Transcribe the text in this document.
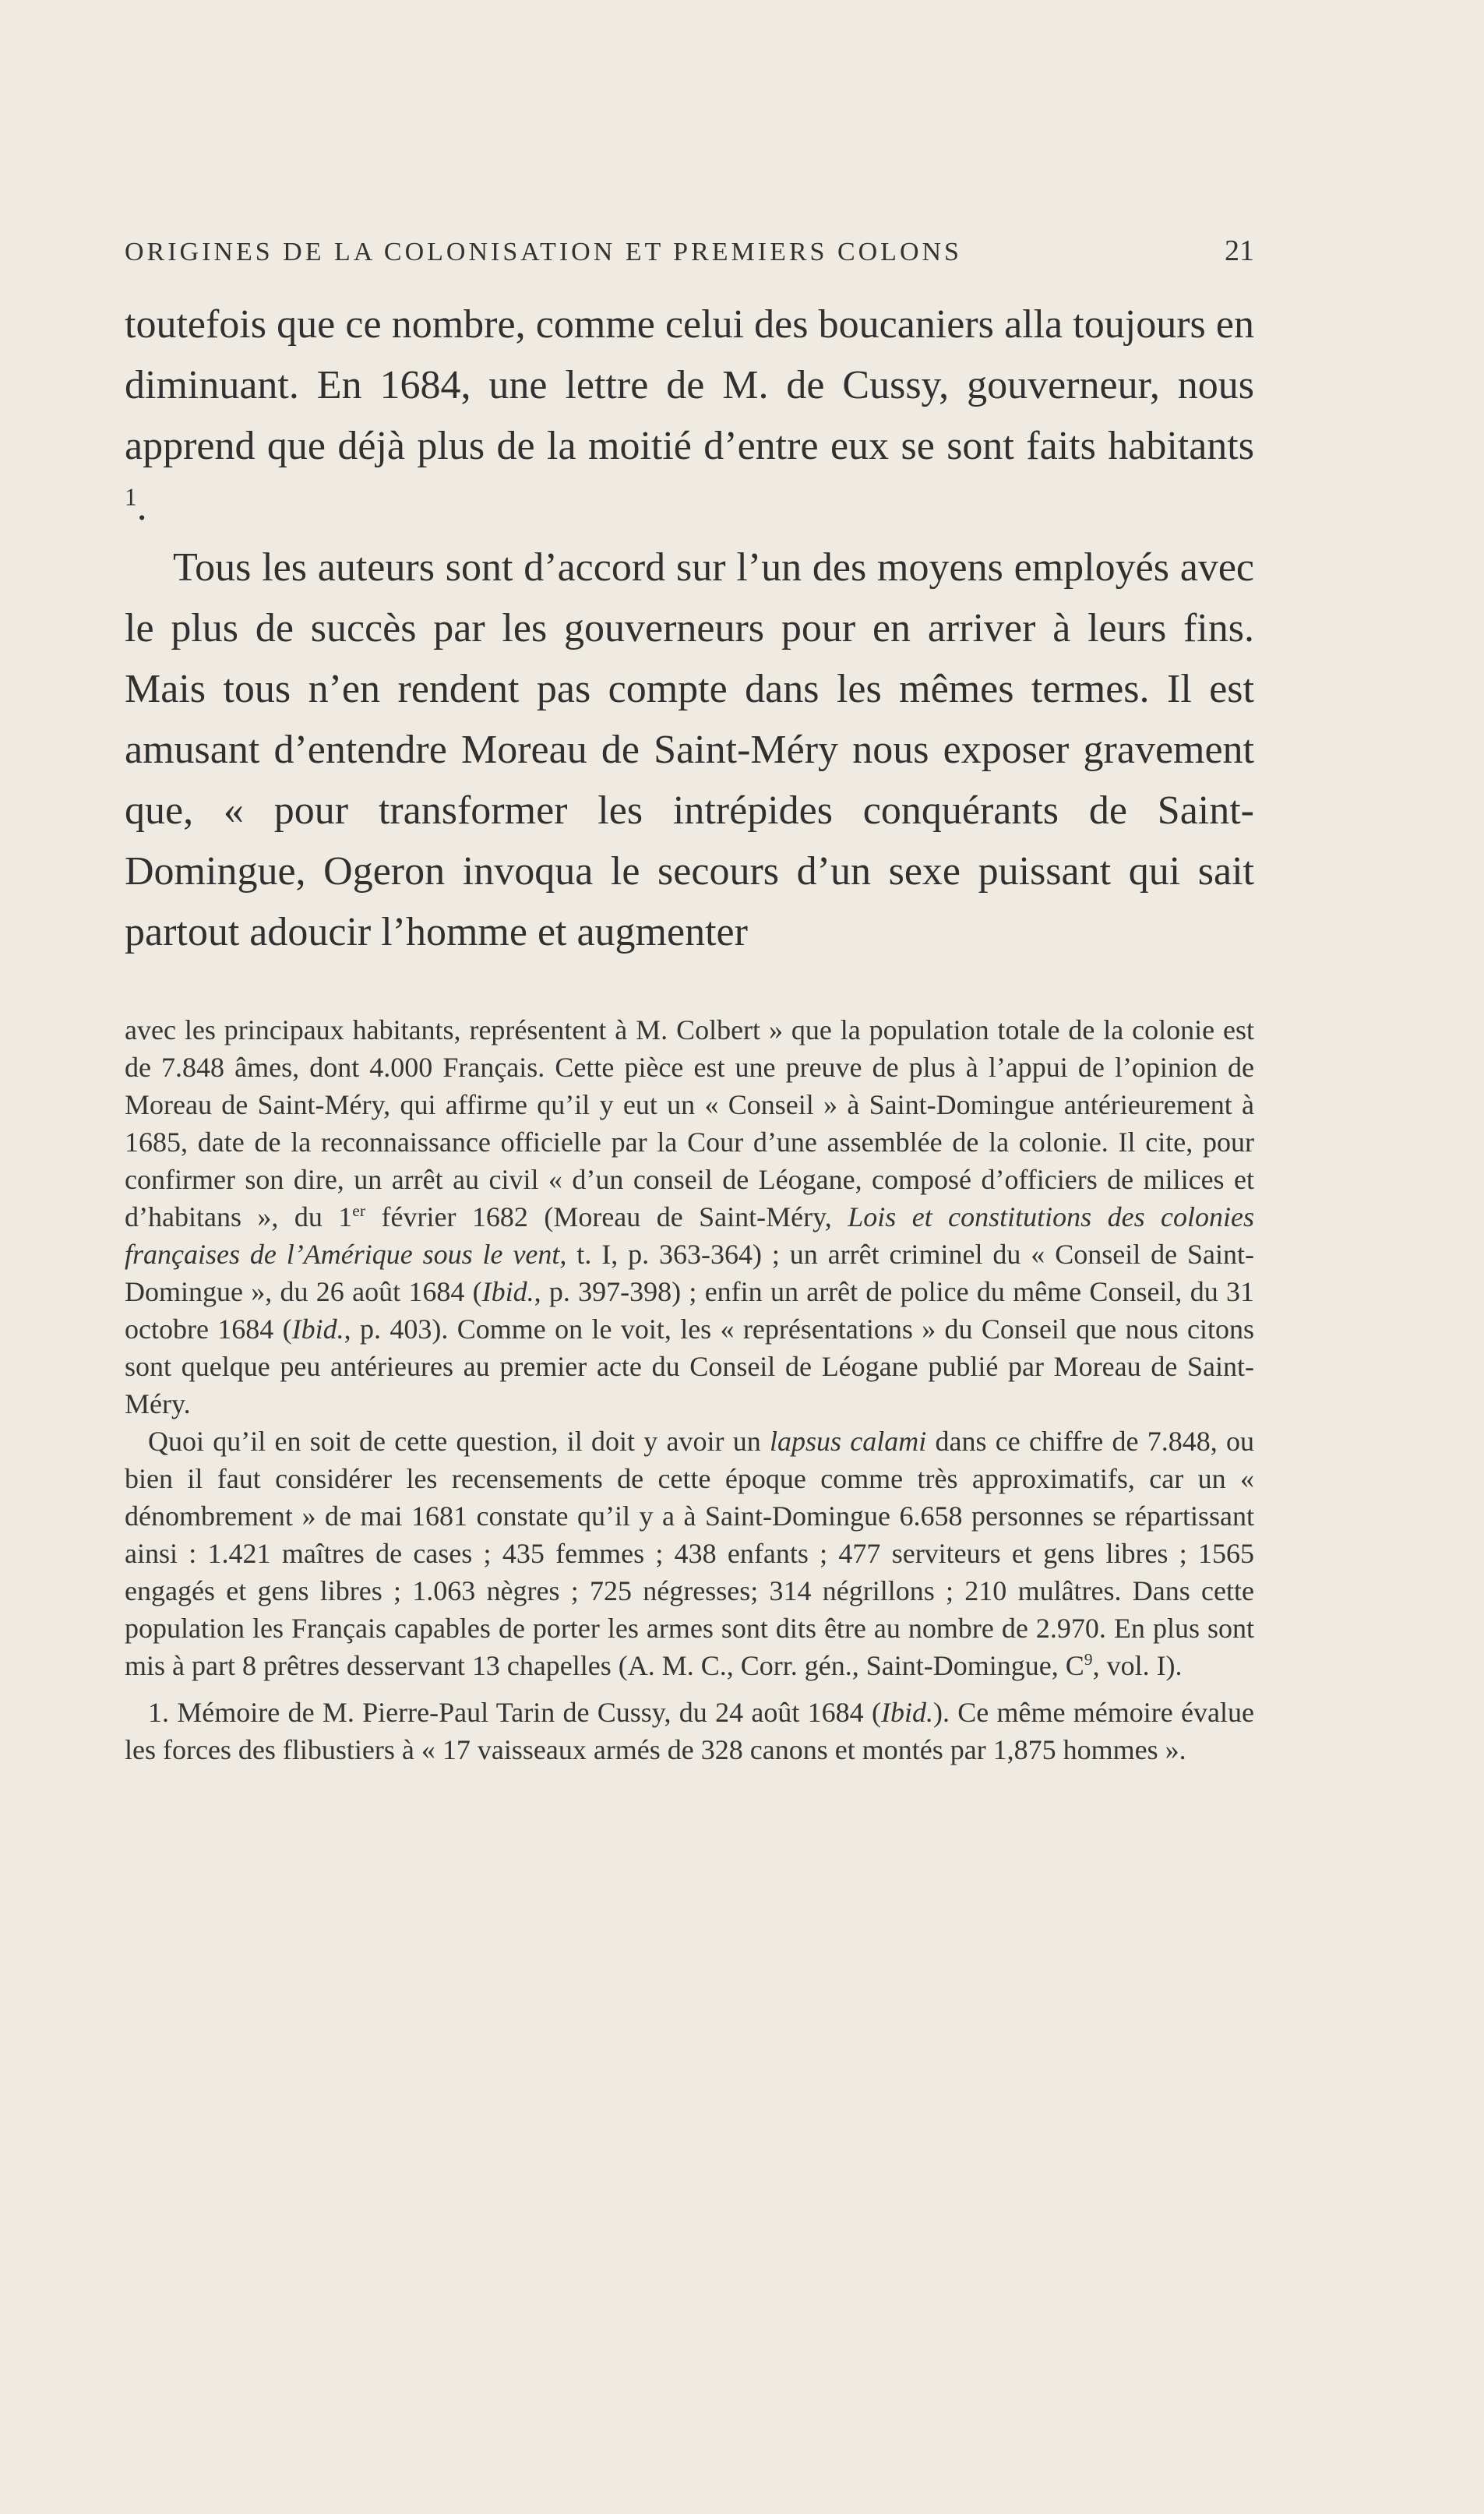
ORIGINES DE LA COLONISATION ET PREMIERS COLONS	21

toutefois que ce nombre, comme celui des boucaniers alla toujours en diminuant. En 1684, une lettre de M. de Cussy, gouverneur, nous apprend que déjà plus de la moitié d’entre eux se sont faits habitants $^1$.

Tous les auteurs sont d’accord sur l’un des moyens employés avec le plus de succès par les gouverneurs pour en arriver à leurs fins. Mais tous n’en rendent pas compte dans les mêmes termes. Il est amusant d’entendre Moreau de Saint-Méry nous exposer gravement que, « pour transformer les intrépides conquérants de Saint-Domingue, Ogeron invoqua le secours d’un sexe puissant qui sait partout adoucir l’homme et augmenter

avec les principaux habitants, représentent à M. Colbert » que la population totale de la colonie est de 7.848 âmes, dont 4.000 Français. Cette pièce est une preuve de plus à l’appui de l’opinion de Moreau de Saint-Méry, qui affirme qu’il y eut un « Conseil » à Saint-Domingue antérieurement à 1685, date de la reconnaissance officielle par la Cour d’une assemblée de la colonie. Il cite, pour confirmer son dire, un arrêt au civil « d’un conseil de Léogane, composé d’officiers de milices et d’habitans », du 1er février 1682 (Moreau de Saint-Méry, Lois et constitutions des colonies françaises de l’Amérique sous le vent, t. I, p. 363-364) ; un arrêt criminel du « Conseil de Saint-Domingue », du 26 août 1684 (Ibid., p. 397-398) ; enfin un arrêt de police du même Conseil, du 31 octobre 1684 (Ibid., p. 403). Comme on le voit, les « représentations » du Conseil que nous citons sont quelque peu antérieures au premier acte du Conseil de Léogane publié par Moreau de Saint-Méry.

Quoi qu’il en soit de cette question, il doit y avoir un lapsus calami dans ce chiffre de 7.848, ou bien il faut considérer les recensements de cette époque comme très approximatifs, car un « dénombrement » de mai 1681 constate qu’il y a à Saint-Domingue 6.658 personnes se répartissant ainsi : 1.421 maîtres de cases ; 435 femmes ; 438 enfants ; 477 serviteurs et gens libres ; 1565 engagés et gens libres ; 1.063 nègres ; 725 négresses; 314 négrillons ; 210 mulâtres. Dans cette population les Français capables de porter les armes sont dits être au nombre de 2.970. En plus sont mis à part 8 prêtres desservant 13 chapelles (A. M. C., Corr. gén., Saint-Domingue, $C^9$, vol. I).

1. Mémoire de M. Pierre-Paul Tarin de Cussy, du 24 août 1684 (Ibid.). Ce même mémoire évalue les forces des flibustiers à « 17 vaisseaux armés de 328 canons et montés par 1,875 hommes ».
